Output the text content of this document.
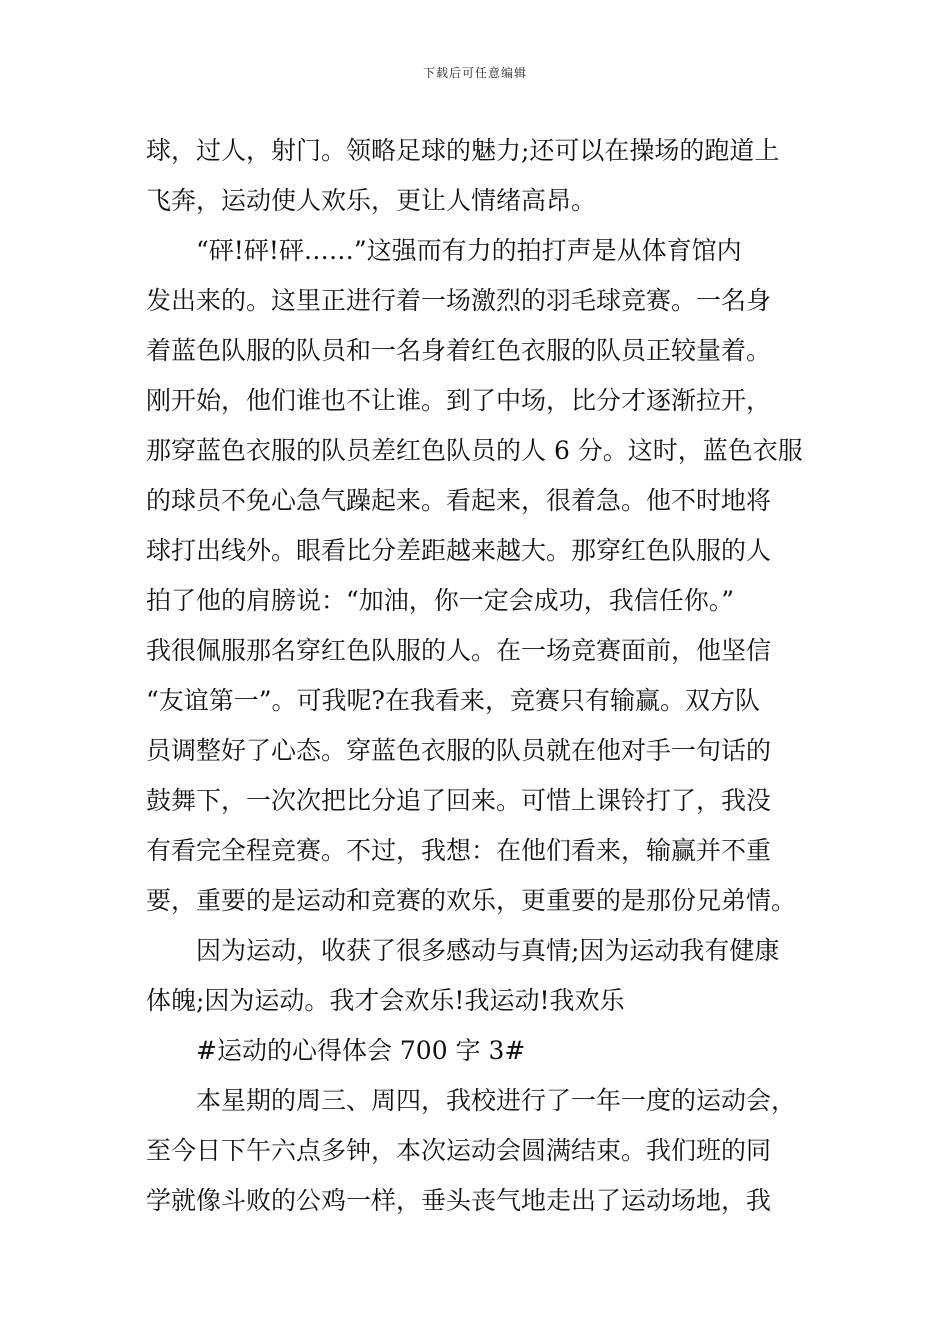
下载后可任意编辑
球，过人，射门。领略足球的魅力;还可以在操场的跑道上
飞奔，运动使人欢乐，更让人情绪高昂。
“砰!砰!砰……”这强而有力的拍打声是从体育馆内
发出来的。这里正进行着一场激烈的羽毛球竞赛。一名身
着蓝色队服的队员和一名身着红色衣服的队员正较量着。
刚开始，他们谁也不让谁。到了中场，比分才逐渐拉开，
那穿蓝色衣服的队员差红色队员的人 6 分。这时，蓝色衣服
的球员不免心急气躁起来。看起来，很着急。他不时地将
球打出线外。眼看比分差距越来越大。那穿红色队服的人
拍了他的肩膀说：“加油，你一定会成功，我信任你。”
我很佩服那名穿红色队服的人。在一场竞赛面前，他坚信
“友谊第一”。可我呢?在我看来，竞赛只有输赢。双方队
员调整好了心态。穿蓝色衣服的队员就在他对手一句话的
鼓舞下，一次次把比分追了回来。可惜上课铃打了，我没
有看完全程竞赛。不过，我想：在他们看来，输赢并不重
要，重要的是运动和竞赛的欢乐，更重要的是那份兄弟情。
因为运动，收获了很多感动与真情;因为运动我有健康
体魄;因为运动。我才会欢乐!我运动!我欢乐
#运动的心得体会 700 字 3#
本星期的周三、周四，我校进行了一年一度的运动会，
至今日下午六点多钟，本次运动会圆满结束。我们班的同
学就像斗败的公鸡一样，垂头丧气地走出了运动场地，我
